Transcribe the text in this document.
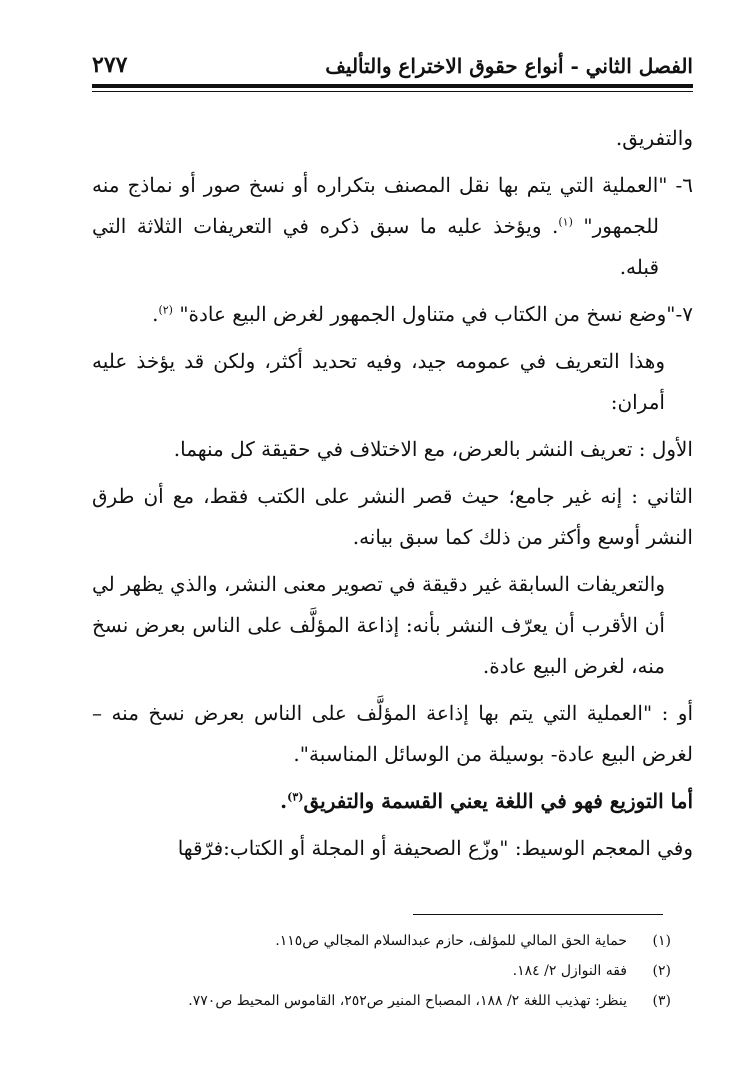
الفصل الثاني - أنواع حقوق الاختراع والتأليف
٢٧٧

والتفريق.

٦- "العملية التي يتم بها نقل المصنف بتكراره أو نسخ صور أو نماذج منه للجمهور" $^{(١)}$. ويؤخذ عليه ما سبق ذكره في التعريفات الثلاثة التي قبله.

٧-"وضع نسخ من الكتاب في متناول الجمهور لغرض البيع عادة" $^{(٢)}$.

وهذا التعريف في عمومه جيد، وفيه تحديد أكثر، ولكن قد يؤخذ عليه أمران:

الأول : تعريف النشر بالعرض، مع الاختلاف في حقيقة كل منهما.

الثاني : إنه غير جامع؛ حيث قصر النشر على الكتب فقط، مع أن طرق النشر أوسع وأكثر من ذلك كما سبق بيانه.

والتعريفات السابقة غير دقيقة في تصوير معنى النشر، والذي يظهر لي أن الأقرب أن يعرّف النشر بأنه: إذاعة المؤلَّف على الناس بعرض نسخ منه، لغرض البيع عادة.

أو : "العملية التي يتم بها إذاعة المؤلَّف على الناس بعرض نسخ منه – لغرض البيع عادة- بوسيلة من الوسائل المناسبة".

أما التوزيع فهو في اللغة يعني القسمة والتفريق$^{(٣)}$.

وفي المعجم الوسيط: "وزّع الصحيفة أو المجلة أو الكتاب:فرّقها

(١)
حماية الحق المالي للمؤلف، حازم عبدالسلام المجالي ص١١٥.
(٢)
فقه النوازل ٢/ ١٨٤.
(٣)
ينظر: تهذيب اللغة ٢/ ١٨٨، المصباح المنير ص٢٥٢، القاموس المحيط ص٧٧٠.
